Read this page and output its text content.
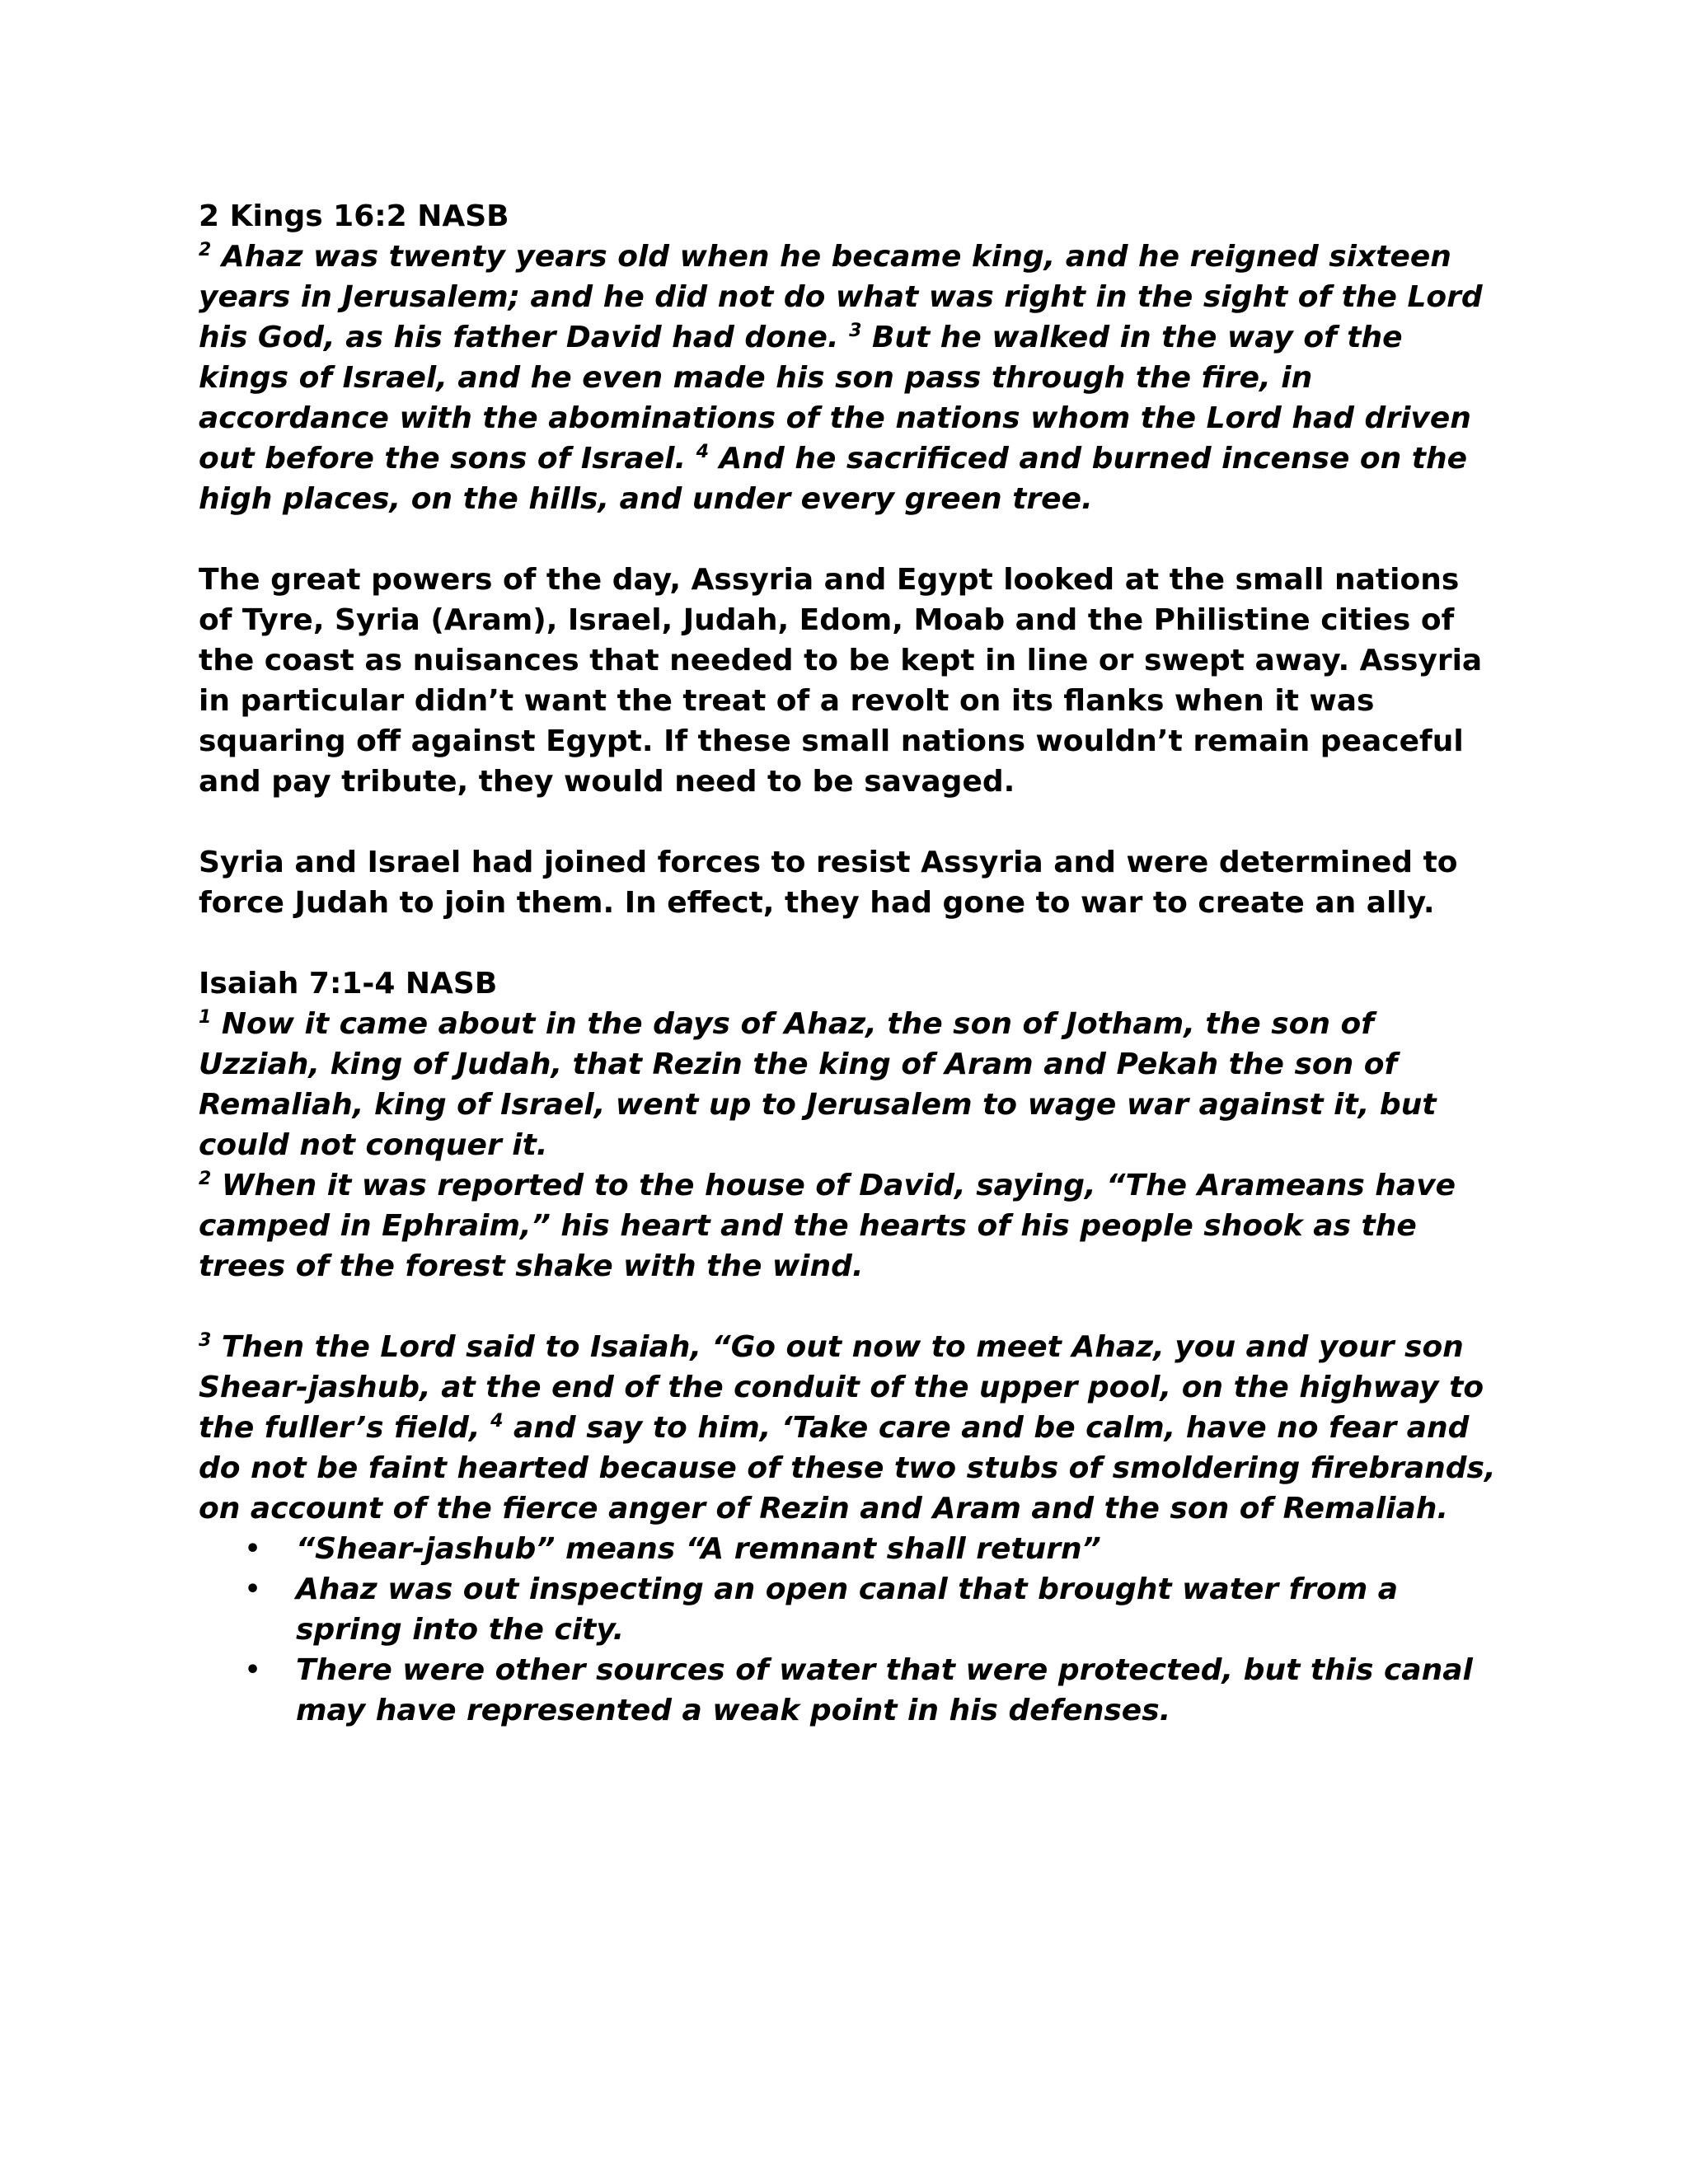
2 Kings 16:2 NASB

$^2$ Ahaz was twenty years old when he became king, and he reigned sixteen years in Jerusalem; and he did not do what was right in the sight of the Lord his God, as his father David had done. $^3$ But he walked in the way of the kings of Israel, and he even made his son pass through the fire, in accordance with the abominations of the nations whom the Lord had driven out before the sons of Israel. $^4$ And he sacrificed and burned incense on the high places, on the hills, and under every green tree.

The great powers of the day, Assyria and Egypt looked at the small nations of Tyre, Syria (Aram), Israel, Judah, Edom, Moab and the Philistine cities of the coast as nuisances that needed to be kept in line or swept away. Assyria in particular didn’t want the treat of a revolt on its flanks when it was squaring off against Egypt. If these small nations wouldn’t remain peaceful and pay tribute, they would need to be savaged.

Syria and Israel had joined forces to resist Assyria and were determined to force Judah to join them. In effect, they had gone to war to create an ally.

Isaiah 7:1-4 NASB

$^1$ Now it came about in the days of Ahaz, the son of Jotham, the son of Uzziah, king of Judah, that Rezin the king of Aram and Pekah the son of Remaliah, king of Israel, went up to Jerusalem to wage war against it, but could not conquer it.
$^2$ When it was reported to the house of David, saying, “The Arameans have camped in Ephraim,” his heart and the hearts of his people shook as the trees of the forest shake with the wind.

$^3$ Then the Lord said to Isaiah, “Go out now to meet Ahaz, you and your son Shear-jashub, at the end of the conduit of the upper pool, on the highway to the fuller’s field, $^4$ and say to him, ‘Take care and be calm, have no fear and do not be faint hearted because of these two stubs of smoldering firebrands, on account of the fierce anger of Rezin and Aram and the son of Remaliah.

• “Shear-jashub” means “A remnant shall return”
• Ahaz was out inspecting an open canal that brought water from a spring into the city.
• There were other sources of water that were protected, but this canal may have represented a weak point in his defenses.
